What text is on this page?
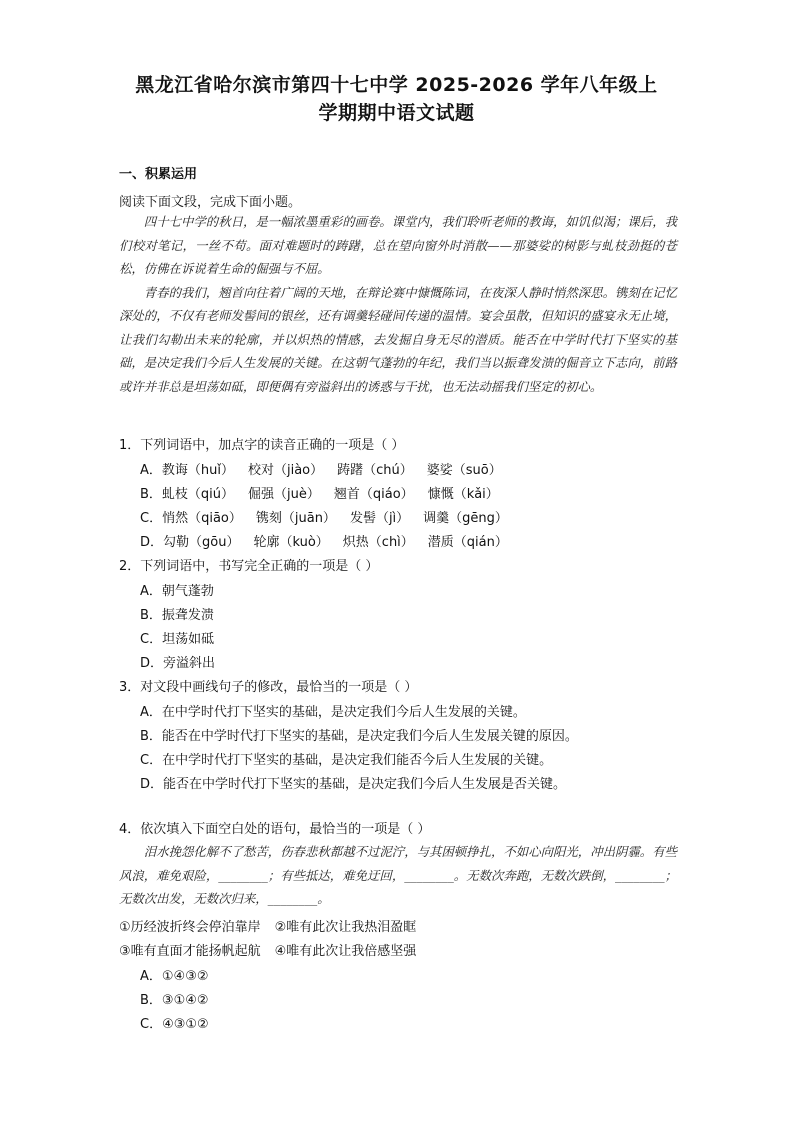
黑龙江省哈尔滨市第四十七中学 2025-2026 学年八年级上
学期期中语文试题
一、积累运用
阅读下面文段，完成下面小题。

四十七中学的秋日，是一幅浓墨重彩的画卷。课堂内，我们聆听老师的教诲，如饥似渴；课后，我们校对笔记，一丝不苟。面对难题时的踌躇，总在望向窗外时消散——那婆娑的树影与虬枝劲挺的苍松，仿佛在诉说着生命的倔强与不屈。

青春的我们，翘首向往着广阔的天地，在辩论赛中慷慨陈词，在夜深人静时悄然深思。镌刻在记忆深处的，不仅有老师发髻间的银丝，还有调羹轻碰间传递的温情。宴会虽散，但知识的盛宴永无止境，让我们勾勒出未来的轮廓，并以炽热的情感，去发掘自身无尽的潜质。能否在中学时代打下坚实的基础，是决定我们今后人生发展的关键。在这朝气蓬勃的年纪，我们当以振聋发溃的倔音立下志向，前路或许并非总是坦荡如砥，即便偶有旁溢斜出的诱惑与干扰，也无法动摇我们坚定的初心。

1．下列词语中，加点字的读音正确的一项是（ ）
A．教诲（huǐ） 校对（jiào） 踌躇（chú） 婆娑（suō）
B．虬枝（qiú） 倔强（juè） 翘首（qiáo） 慷慨（kǎi）
C．悄然（qiāo） 镌刻（juān） 发髻（jì） 调羹（gēng）
D．勾勒（gōu） 轮廓（kuò） 炽热（chì） 潜质（qián）
2．下列词语中，书写完全正确的一项是（ ）
A．朝气蓬勃
B．振聋发溃
C．坦荡如砥
D．旁溢斜出
3．对文段中画线句子的修改，最恰当的一项是（ ）
A．在中学时代打下坚实的基础，是决定我们今后人生发展的关键。
B．能否在中学时代打下坚实的基础，是决定我们今后人生发展关键的原因。
C．在中学时代打下坚实的基础，是决定我们能否今后人生发展的关键。
D．能否在中学时代打下坚实的基础，是决定我们今后人生发展是否关键。
4．依次填入下面空白处的语句，最恰当的一项是（ ）

泪水挽怨化解不了愁苦，伤春悲秋都越不过泥泞，与其困顿挣扎，不如心向阳光，冲出阴霾。有些风浪，难免艰险，________；有些抵达，难免迂回，________。无数次奔跑，无数次跌倒，________；无数次出发，无数次归来，________。

①历经波折终会停泊靠岸 ②唯有此次让我热泪盈眶
③唯有直面才能扬帆起航 ④唯有此次让我倍感坚强
A．①④③②
B．③①④②
C．④③①②
